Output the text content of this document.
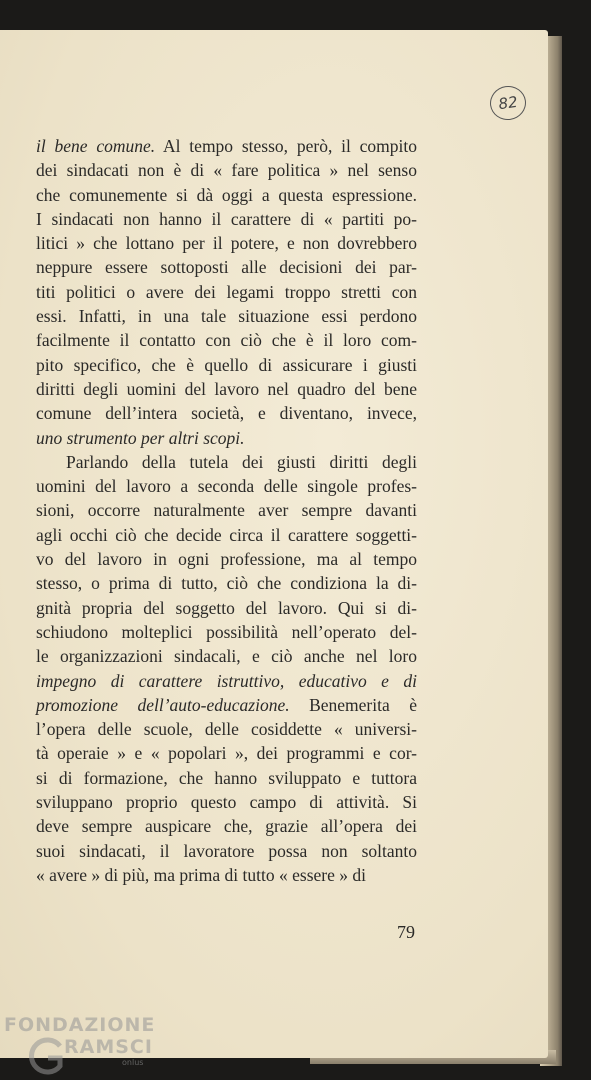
82
il bene comune. Al tempo stesso, però, il compito
dei sindacati non è di « fare politica » nel senso
che comunemente si dà oggi a questa espressione.
I sindacati non hanno il carattere di « partiti po-
litici » che lottano per il potere, e non dovrebbero
neppure essere sottoposti alle decisioni dei par-
titi politici o avere dei legami troppo stretti con
essi. Infatti, in una tale situazione essi perdono
facilmente il contatto con ciò che è il loro com-
pito specifico, che è quello di assicurare i giusti
diritti degli uomini del lavoro nel quadro del bene
comune dell’intera società, e diventano, invece,
uno strumento per altri scopi.
Parlando della tutela dei giusti diritti degli
uomini del lavoro a seconda delle singole profes-
sioni, occorre naturalmente aver sempre davanti
agli occhi ciò che decide circa il carattere soggetti-
vo del lavoro in ogni professione, ma al tempo
stesso, o prima di tutto, ciò che condiziona la di-
gnità propria del soggetto del lavoro. Qui si di-
schiudono molteplici possibilità nell’operato del-
le organizzazioni sindacali, e ciò anche nel loro
impegno di carattere istruttivo, educativo e di
promozione dell’auto-educazione. Benemerita è
l’opera delle scuole, delle cosiddette « universi-
tà operaie » e « popolari », dei programmi e cor-
si di formazione, che hanno sviluppato e tuttora
sviluppano proprio questo campo di attività. Si
deve sempre auspicare che, grazie all’opera dei
suoi sindacati, il lavoratore possa non soltanto
« avere » di più, ma prima di tutto « essere » di
79
FONDAZIONE
RAMSCI
onlus
